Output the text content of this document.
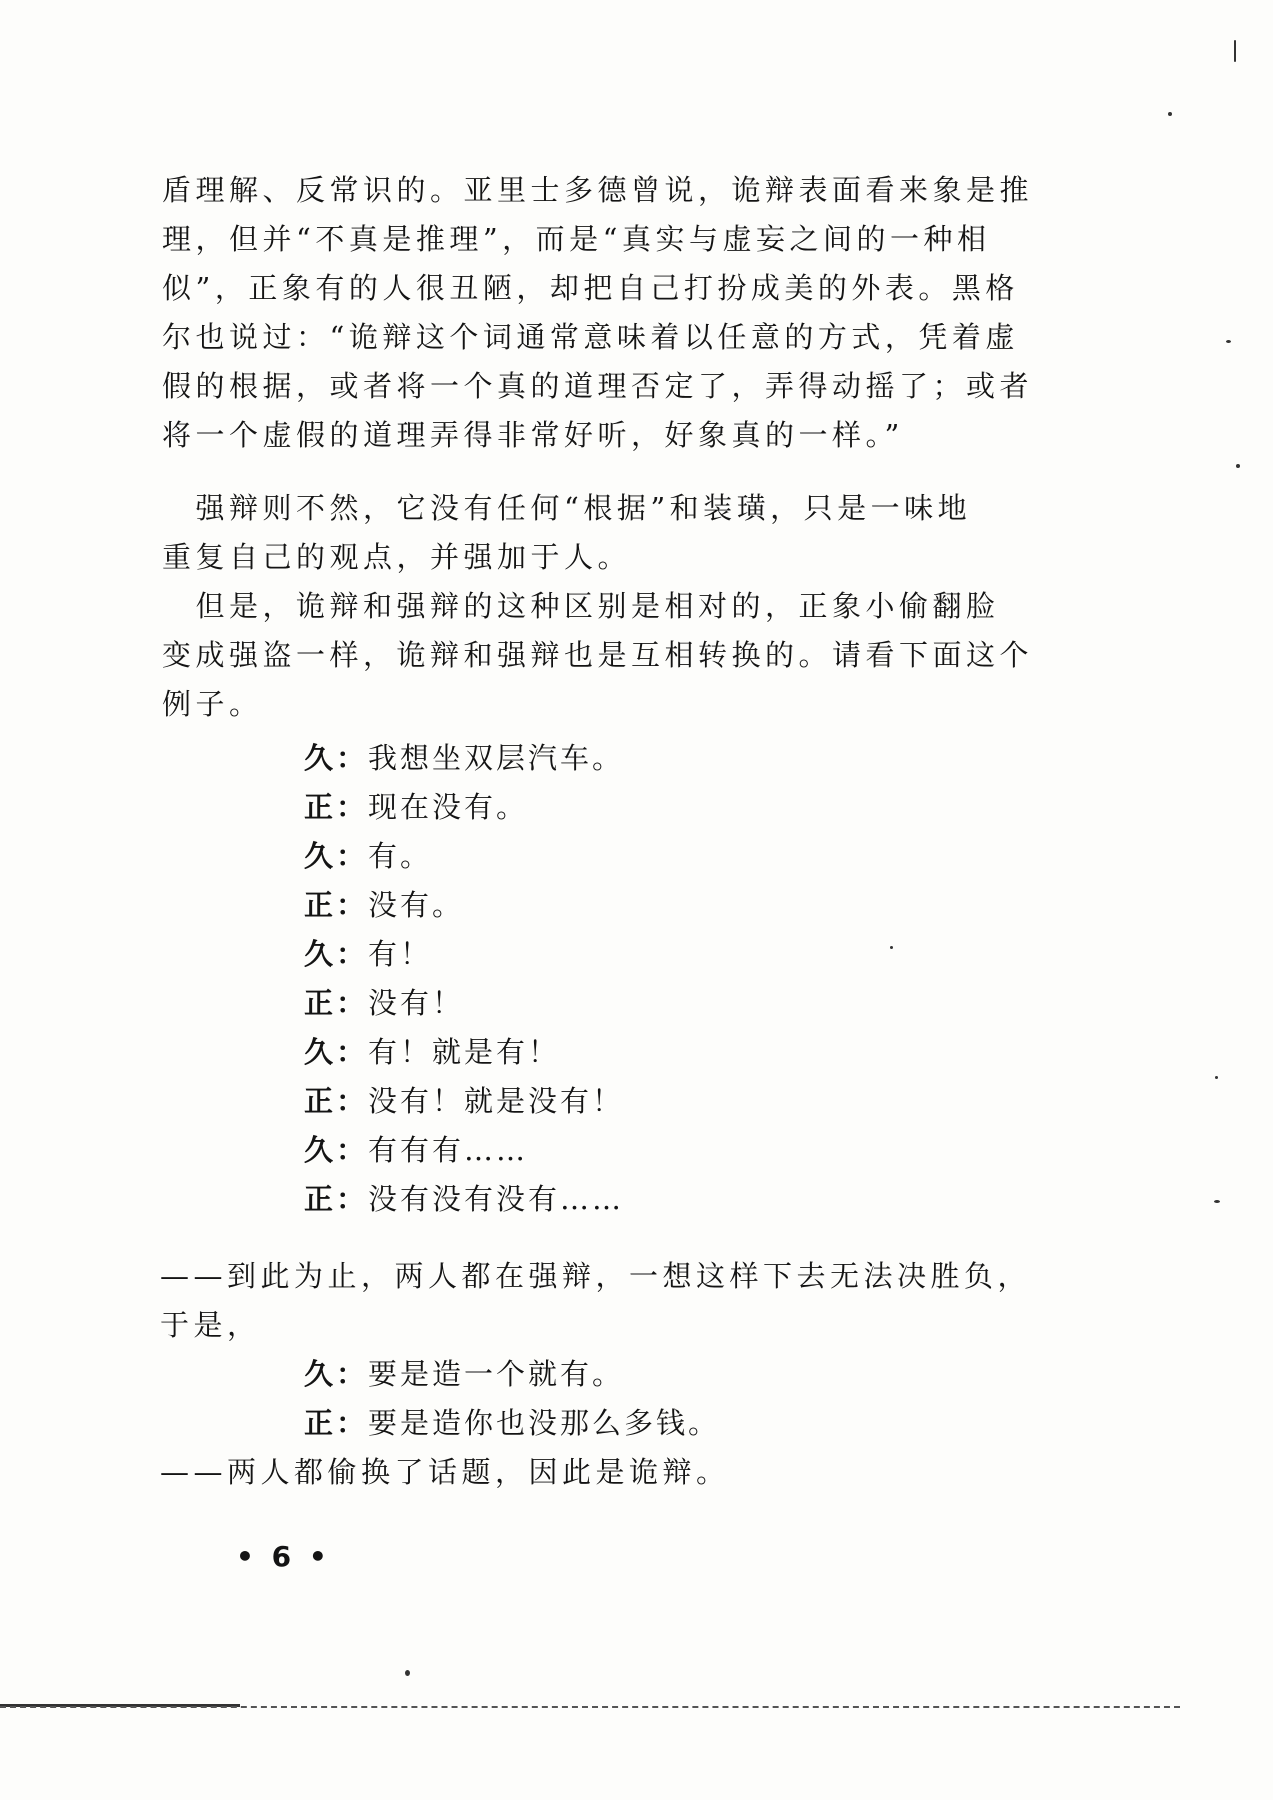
盾理解、反常识的。亚里士多德曾说，诡辩表面看来象是推
理，但并“不真是推理”，而是“真实与虚妄之间的一种相
似”，正象有的人很丑陋，却把自己打扮成美的外表。黑格
尔也说过：“诡辩这个词通常意味着以任意的方式，凭着虚
假的根据，或者将一个真的道理否定了，弄得动摇了；或者
将一个虚假的道理弄得非常好听，好象真的一样。”
　强辩则不然，它没有任何“根据”和装璜，只是一味地
重复自己的观点，并强加于人。
　但是，诡辩和强辩的这种区别是相对的，正象小偷翻脸
变成强盗一样，诡辩和强辩也是互相转换的。请看下面这个
例子。
久：我想坐双层汽车。
正：现在没有。
久：有。
正：没有。
久：有！
正：没有！
久：有！就是有！
正：没有！就是没有！
久：有有有……
正：没有没有没有……
——到此为止，两人都在强辩，一想这样下去无法决胜负，
于是，
久：要是造一个就有。
正：要是造你也没那么多钱。
——两人都偷换了话题，因此是诡辩。
• 6 •
